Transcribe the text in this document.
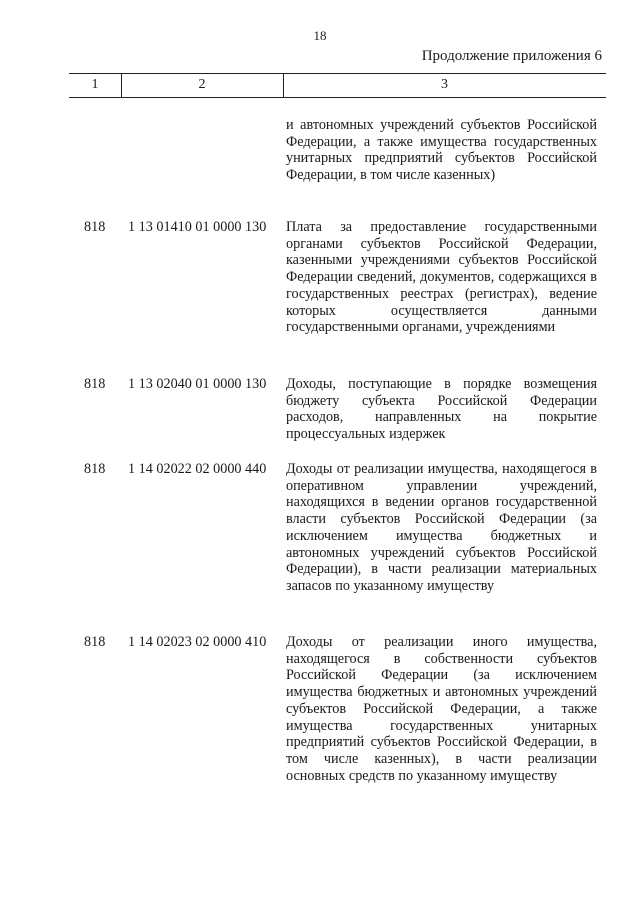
18
Продолжение приложения 6
1	2	3
и автономных учреждений субъектов Российской Федерации, а также имущества государственных унитарных предприятий субъектов Российской Федерации, в том числе казенных)
818 1 13 01410 01 0000 130 Плата за предоставление государственными органами субъектов Российской Федерации, казенными учреждениями субъектов Российской Федерации сведений, документов, содержащихся в государственных реестрах (регистрах), ведение которых осуществляется данными государственными органами, учреждениями
818 1 13 02040 01 0000 130 Доходы, поступающие в порядке возмещения бюджету субъекта Российской Федерации расходов, направленных на покрытие процессуальных издержек
818 1 14 02022 02 0000 440 Доходы от реализации имущества, находящегося в оперативном управлении учреждений, находящихся в ведении органов государственной власти субъектов Российской Федерации (за исключением имущества бюджетных и автономных учреждений субъектов Российской Федерации), в части реализации материальных запасов по указанному имуществу
818 1 14 02023 02 0000 410 Доходы от реализации иного имущества, находящегося в собственности субъектов Российской Федерации (за исключением имущества бюджетных и автономных учреждений субъектов Российской Федерации, а также имущества государственных унитарных предприятий субъектов Российской Федерации, в том числе казенных), в части реализации основных средств по указанному имуществу
